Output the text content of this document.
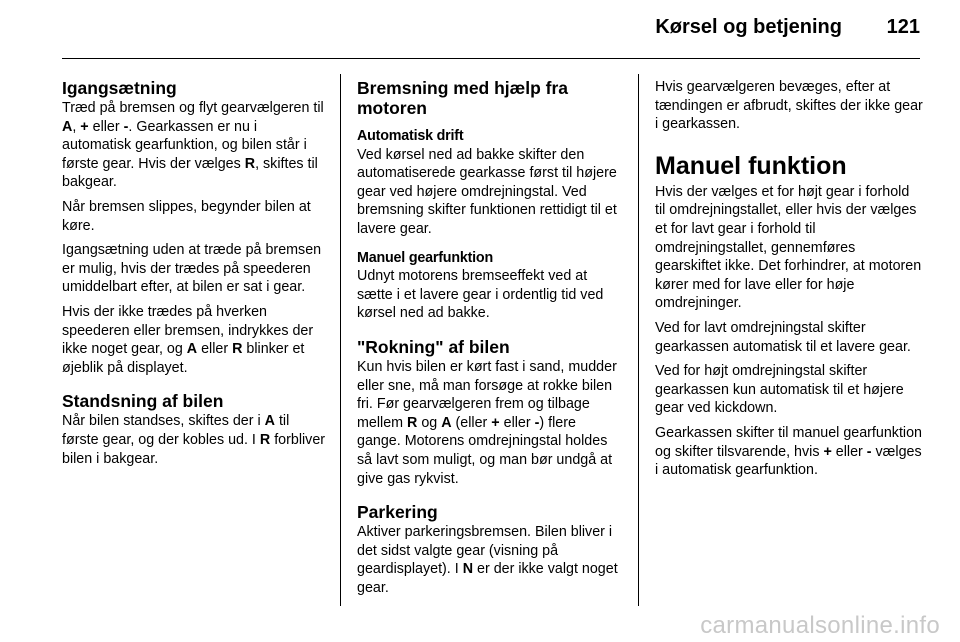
Kørsel og betjening 121
Igangsætning

Træd på bremsen og flyt gearvælgeren til A, + eller -. Gearkassen er nu i automatisk gearfunktion, og bilen står i første gear. Hvis der vælges R, skiftes til bakgear.

Når bremsen slippes, begynder bilen at køre.

Igangsætning uden at træde på bremsen er mulig, hvis der trædes på speederen umiddelbart efter, at bilen er sat i gear.

Hvis der ikke trædes på hverken speederen eller bremsen, indrykkes der ikke noget gear, og A eller R blinker et øjeblik på displayet.

Standsning af bilen

Når bilen standses, skiftes der i A til første gear, og der kobles ud. I R forbliver bilen i bakgear.

Bremsning med hjælp fra motoren
Automatisk drift

Ved kørsel ned ad bakke skifter den automatiserede gearkasse først til højere gear ved højere omdrejningstal. Ved bremsning skifter funktionen rettidigt til et lavere gear.

Manuel gearfunktion

Udnyt motorens bremseeffekt ved at sætte i et lavere gear i ordentlig tid ved kørsel ned ad bakke.

"Rokning" af bilen

Kun hvis bilen er kørt fast i sand, mudder eller sne, må man forsøge at rokke bilen fri. Før gearvælgeren frem og tilbage mellem R og A (eller + eller -) flere gange. Motorens omdrejningstal holdes så lavt som muligt, og man bør undgå at give gas rykvist.

Parkering

Aktiver parkeringsbremsen. Bilen bliver i det sidst valgte gear (visning på geardisplayet). I N er der ikke valgt noget gear.

Hvis gearvælgeren bevæges, efter at tændingen er afbrudt, skiftes der ikke gear i gearkassen.

Manuel funktion

Hvis der vælges et for højt gear i forhold til omdrejningstallet, eller hvis der vælges et for lavt gear i forhold til omdrejningstallet, gennemføres gearskiftet ikke. Det forhindrer, at motoren kører med for lave eller for høje omdrejninger.

Ved for lavt omdrejningstal skifter gearkassen automatisk til et lavere gear.

Ved for højt omdrejningstal skifter gearkassen kun automatisk til et højere gear ved kickdown.

Gearkassen skifter til manuel gearfunktion og skifter tilsvarende, hvis + eller - vælges i automatisk gearfunktion.

carmanualsonline.info
